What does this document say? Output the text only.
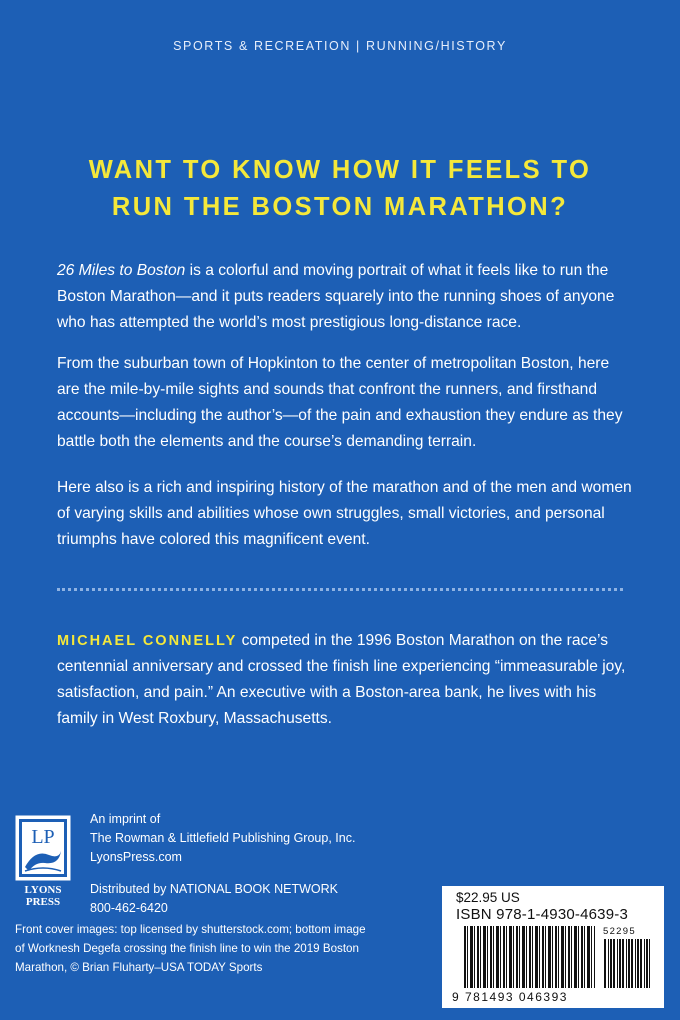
SPORTS & RECREATION | RUNNING/HISTORY
WANT TO KNOW HOW IT FEELS TO
RUN THE BOSTON MARATHON?
26 Miles to Boston is a colorful and moving portrait of what it feels like to run the
Boston Marathon—and it puts readers squarely into the running shoes of anyone
who has attempted the world’s most prestigious long-distance race.
From the suburban town of Hopkinton to the center of metropolitan Boston, here
are the mile-by-mile sights and sounds that confront the runners, and firsthand
accounts—including the author’s—of the pain and exhaustion they endure as they
battle both the elements and the course’s demanding terrain.
Here also is a rich and inspiring history of the marathon and of the men and women
of varying skills and abilities whose own struggles, small victories, and personal
triumphs have colored this magnificent event.
MICHAEL CONNELLY competed in the 1996 Boston Marathon on the race’s
centennial anniversary and crossed the finish line experiencing “immeasurable joy,
satisfaction, and pain.” An executive with a Boston-area bank, he lives with his
family in West Roxbury, Massachusetts.
LP
LYONS
PRESS
An imprint of
The Rowman & Littlefield Publishing Group, Inc.
LyonsPress.com
Distributed by NATIONAL BOOK NETWORK
800-462-6420
Front cover images: top licensed by shutterstock.com; bottom image
of Worknesh Degefa crossing the finish line to win the 2019 Boston
Marathon, © Brian Fluharty–USA TODAY Sports
$22.95 US
ISBN 978-1-4930-4639-3
52295
9 781493 046393
